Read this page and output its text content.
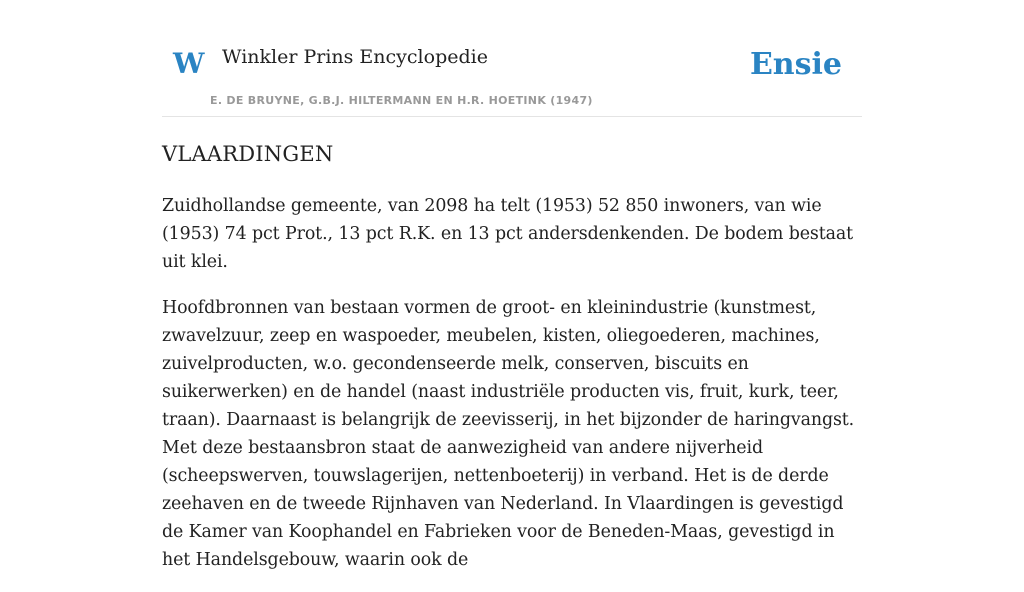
W Winkler Prins Encyclopedie
E. DE BRUYNE, G.B.J. HILTERMANN EN H.R. HOETINK (1947)
Ensie
VLAARDINGEN

Zuidhollandse gemeente, van 2098 ha telt (1953) 52 850 inwoners, van wie (1953) 74 pct Prot., 13 pct R.K. en 13 pct andersdenkenden. De bodem bestaat uit klei.

Hoofdbronnen van bestaan vormen de groot- en kleinindustrie (kunstmest, zwavelzuur, zeep en waspoeder, meubelen, kisten, oliegoederen, machines, zuivelproducten, w.o. gecondenseerde melk, conserven, biscuits en suikerwerken) en de handel (naast industriële producten vis, fruit, kurk, teer, traan). Daarnaast is belangrijk de zeevisserij, in het bijzonder de haringvangst. Met deze bestaansbron staat de aanwezigheid van andere nijverheid (scheepswerven, touwslagerijen, nettenboeterij) in verband. Het is de derde zeehaven en de tweede Rijnhaven van Nederland. In Vlaardingen is gevestigd de Kamer van Koophandel en Fabrieken voor de Beneden-Maas, gevestigd in het Handelsgebouw, waarin ook de
